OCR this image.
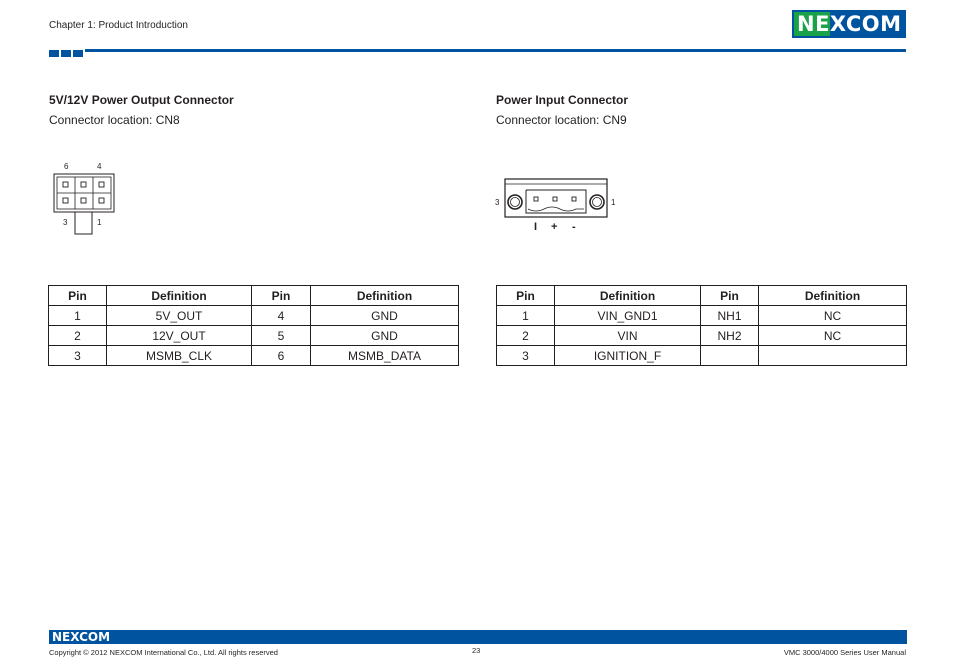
Chapter 1: Product Introduction	NEXCOM
5V/12V Power Output Connector
Connector location: CN8
6	4
3	1
Pin	Definition	Pin	Definition
1	5V_OUT	4	GND
2	12V_OUT	5	GND
3	MSMB_CLK	6	MSMB_DATA
Power Input Connector
Connector location: CN9
3	1
I + -
Pin	Definition	Pin	Definition
1	VIN_GND1	NH1	NC
2	VIN	NH2	NC
3	IGNITION_F		
NEXCOM
Copyright © 2012 NEXCOM International Co., Ltd. All rights reserved	23	VMC 3000/4000 Series User Manual
